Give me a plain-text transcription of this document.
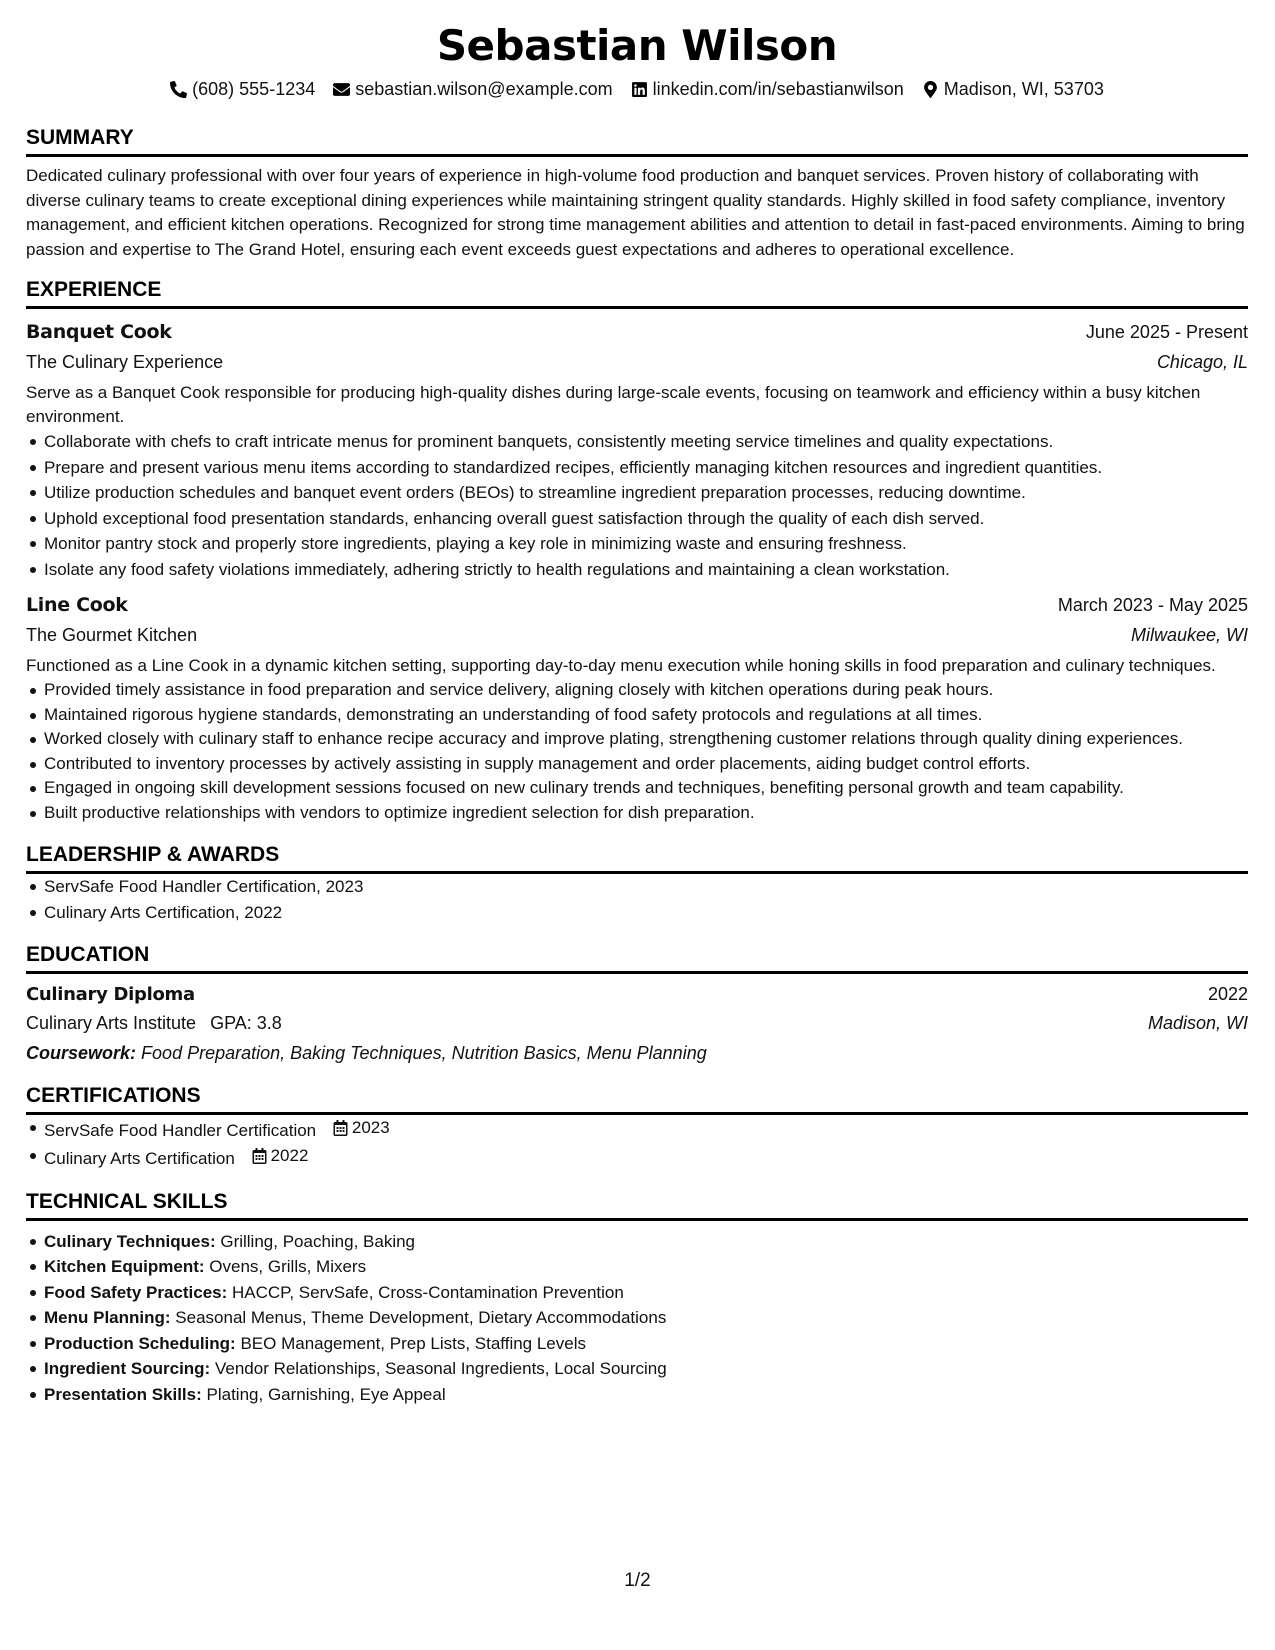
Sebastian Wilson
(608) 555-1234 sebastian.wilson@example.com linkedin.com/in/sebastianwilson Madison, WI, 53703
SUMMARY
Dedicated culinary professional with over four years of experience in high-volume food production and banquet services. Proven history of collaborating with diverse culinary teams to create exceptional dining experiences while maintaining stringent quality standards. Highly skilled in food safety compliance, inventory management, and efficient kitchen operations. Recognized for strong time management abilities and attention to detail in fast-paced environments. Aiming to bring passion and expertise to The Grand Hotel, ensuring each event exceeds guest expectations and adheres to operational excellence.
EXPERIENCE
Banquet Cook	June 2025 - Present
The Culinary Experience	Chicago, IL
Serve as a Banquet Cook responsible for producing high-quality dishes during large-scale events, focusing on teamwork and efficiency within a busy kitchen environment.
Collaborate with chefs to craft intricate menus for prominent banquets, consistently meeting service timelines and quality expectations.
Prepare and present various menu items according to standardized recipes, efficiently managing kitchen resources and ingredient quantities.
Utilize production schedules and banquet event orders (BEOs) to streamline ingredient preparation processes, reducing downtime.
Uphold exceptional food presentation standards, enhancing overall guest satisfaction through the quality of each dish served.
Monitor pantry stock and properly store ingredients, playing a key role in minimizing waste and ensuring freshness.
Isolate any food safety violations immediately, adhering strictly to health regulations and maintaining a clean workstation.
Line Cook	March 2023 - May 2025
The Gourmet Kitchen	Milwaukee, WI
Functioned as a Line Cook in a dynamic kitchen setting, supporting day-to-day menu execution while honing skills in food preparation and culinary techniques.
Provided timely assistance in food preparation and service delivery, aligning closely with kitchen operations during peak hours.
Maintained rigorous hygiene standards, demonstrating an understanding of food safety protocols and regulations at all times.
Worked closely with culinary staff to enhance recipe accuracy and improve plating, strengthening customer relations through quality dining experiences.
Contributed to inventory processes by actively assisting in supply management and order placements, aiding budget control efforts.
Engaged in ongoing skill development sessions focused on new culinary trends and techniques, benefiting personal growth and team capability.
Built productive relationships with vendors to optimize ingredient selection for dish preparation.
LEADERSHIP & AWARDS
ServSafe Food Handler Certification, 2023
Culinary Arts Certification, 2022
EDUCATION
Culinary Diploma	2022
Culinary Arts Institute GPA: 3.8	Madison, WI
Coursework: Food Preparation, Baking Techniques, Nutrition Basics, Menu Planning
CERTIFICATIONS
ServSafe Food Handler Certification 2023
Culinary Arts Certification 2022
TECHNICAL SKILLS
Culinary Techniques: Grilling, Poaching, Baking
Kitchen Equipment: Ovens, Grills, Mixers
Food Safety Practices: HACCP, ServSafe, Cross-Contamination Prevention
Menu Planning: Seasonal Menus, Theme Development, Dietary Accommodations
Production Scheduling: BEO Management, Prep Lists, Staffing Levels
Ingredient Sourcing: Vendor Relationships, Seasonal Ingredients, Local Sourcing
Presentation Skills: Plating, Garnishing, Eye Appeal
1/2
